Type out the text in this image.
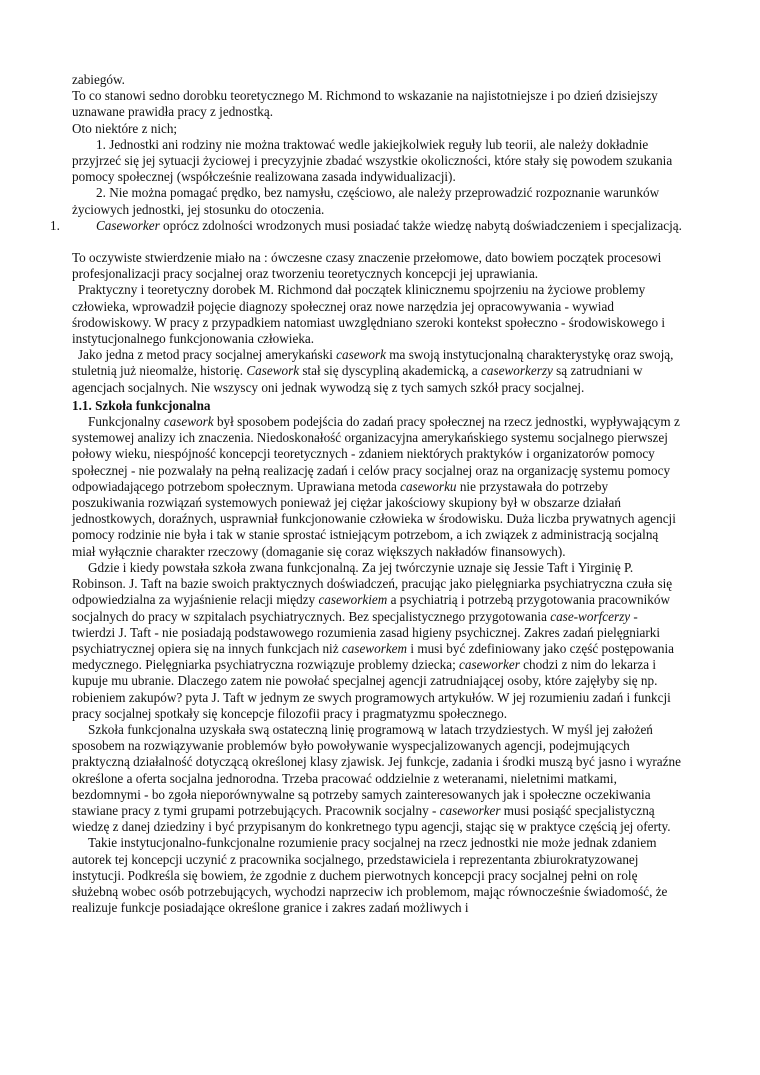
zabiegów.

To co stanowi sedno dorobku teoretycznego M. Richmond to wskazanie na najistotniejsze i po dzień dzisiejszy uznawane prawidła pracy z jednostką.

Oto niektóre z nich;

1. Jednostki ani rodziny nie można traktować wedle jakiejkolwiek reguły lub teorii, ale należy dokładnie przyjrzeć się jej sytuacji życiowej i precyzyjnie zbadać wszystkie okoliczności, które stały się powodem szukania pomocy społecznej (współcześnie realizowana zasada indywidualizacji).

2. Nie można pomagać prędko, bez namysłu, częściowo, ale należy przeprowadzić rozpoznanie warunków życiowych jednostki, jej stosunku do otoczenia.

1.	Caseworker oprócz zdolności wrodzonych musi posiadać także wiedzę nabytą doświadczeniem i specjalizacją.

To oczywiste stwierdzenie miało na : ówczesne czasy znaczenie przełomowe, dato bowiem początek procesowi profesjonalizacji pracy socjalnej oraz tworzeniu teoretycznych koncepcji jej uprawiania.

Praktyczny i teoretyczny dorobek M. Richmond dał początek klinicznemu spojrzeniu na życiowe problemy człowieka, wprowadził pojęcie diagnozy społecznej oraz nowe narzędzia jej opracowywania - wywiad środowiskowy. W pracy z przypadkiem natomiast uwzględniano szeroki kontekst społeczno - środowiskowego i instytucjonalnego funkcjonowania człowieka.

Jako jedna z metod pracy socjalnej amerykański casework ma swoją instytucjonalną charakterystykę oraz swoją, stuletnią już nieomalże, historię. Casework stał się dyscypliną akademicką, a caseworkerzy są zatrudniani w agencjach socjalnych. Nie wszyscy oni jednak wywodzą się z tych samych szkół pracy socjalnej.

1.1. Szkoła funkcjonalna

Funkcjonalny casework był sposobem podejścia do zadań pracy społecznej na rzecz jednostki, wypływającym z systemowej analizy ich znaczenia. Niedoskonałość organizacyjna amerykańskiego systemu socjalnego pierwszej połowy wieku, niespójność koncepcji teoretycznych - zdaniem niektórych praktyków i organizatorów pomocy społecznej - nie pozwalały na pełną realizację zadań i celów pracy socjalnej oraz na organizację systemu pomocy odpowiadającego potrzebom społecznym. Uprawiana metoda caseworku nie przystawała do potrzeby poszukiwania rozwiązań systemowych ponieważ jej ciężar jakościowy skupiony był w obszarze działań jednostkowych, doraźnych, usprawniał funkcjonowanie człowieka w środowisku. Duża liczba prywatnych agencji pomocy rodzinie nie była i tak w stanie sprostać istniejącym potrzebom, a ich związek z administracją socjalną miał wyłącznie charakter rzeczowy (domaganie się coraz większych nakładów finansowych).

Gdzie i kiedy powstała szkoła zwana funkcjonalną. Za jej twórczynie uznaje się Jessie Taft i Yirginię P. Robinson. J. Taft na bazie swoich praktycznych doświadczeń, pracując jako pielęgniarka psychiatryczna czuła się odpowiedzialna za wyjaśnienie relacji między caseworkiem a psychiatrią i potrzebą przygotowania pracowników socjalnych do pracy w szpitalach psychiatrycznych. Bez specjalistycznego przygotowania case-worfcerzy - twierdzi J. Taft - nie posiadają podstawowego rozumienia zasad higieny psychicznej. Zakres zadań pielęgniarki psychiatrycznej opiera się na innych funkcjach niż caseworkem i musi być zdefiniowany jako część postępowania medycznego. Pielęgniarka psychiatryczna rozwiązuje problemy dziecka; caseworker chodzi z nim do lekarza i kupuje mu ubranie. Dlaczego zatem nie powołać specjalnej agencji zatrudniającej osoby, które zajęłyby się np. robieniem zakupów? pyta J. Taft w jednym ze swych programowych artykułów. W jej rozumieniu zadań i funkcji pracy socjalnej spotkały się koncepcje filozofii pracy i pragmatyzmu społecznego.

Szkoła funkcjonalna uzyskała swą ostateczną linię programową w latach trzydziestych. W myśl jej założeń sposobem na rozwiązywanie problemów było powoływanie wyspecjalizowanych agencji, podejmujących praktyczną działalność dotyczącą określonej klasy zjawisk. Jej funkcje, zadania i środki muszą być jasno i wyraźne określone a oferta socjalna jednorodna. Trzeba pracować oddzielnie z weteranami, nieletnimi matkami, bezdomnymi - bo zgoła nieporównywalne są potrzeby samych zainteresowanych jak i społeczne oczekiwania stawiane pracy z tymi grupami potrzebujących. Pracownik socjalny - caseworker musi posiąść specjalistyczną wiedzę z danej dziedziny i być przypisanym do konkretnego typu agencji, stając się w praktyce częścią jej oferty.

Takie instytucjonalno-funkcjonalne rozumienie pracy socjalnej na rzecz jednostki nie może jednak zdaniem autorek tej koncepcji uczynić z pracownika socjalnego, przedstawiciela i reprezentanta zbiurokratyzowanej instytucji. Podkreśla się bowiem, że zgodnie z duchem pierwotnych koncepcji pracy socjalnej pełni on rolę służebną wobec osób potrzebujących, wychodzi naprzeciw ich problemom, mając równocześnie świadomość, że realizuje funkcje posiadające określone granice i zakres zadań możliwych i
